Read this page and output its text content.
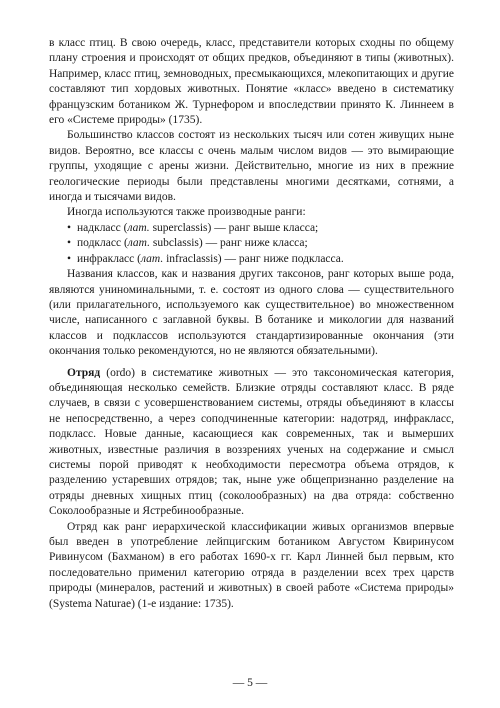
в класс птиц. В свою очередь, класс, представители которых сходны по общему плану строения и происходят от общих предков, объединяют в типы (животных). Например, класс птиц, земноводных, пресмыкающихся, млекопитающих и другие составляют тип хордовых животных. Понятие «класс» введено в систематику французским ботаником Ж. Турнефором и впоследствии принято К. Линнеем в его «Системе природы» (1735).

Большинство классов состоят из нескольких тысяч или сотен живущих ныне видов. Вероятно, все классы с очень малым числом видов — это вымирающие группы, уходящие с арены жизни. Действительно, многие из них в прежние геологические периоды были представлены многими десятками, сотнями, а иногда и тысячами видов.

Иногда используются также производные ранги:

• надкласс (лат. superclassis) — ранг выше класса;
• подкласс (лат. subclassis) — ранг ниже класса;
• инфракласс (лат. infraclassis) — ранг ниже подкласса.

Названия классов, как и названия других таксонов, ранг которых выше рода, являются униноминальными, т. е. состоят из одного слова — существительного (или прилагательного, используемого как существительное) во множественном числе, написанного с заглавной буквы. В ботанике и микологии для названий классов и подклассов используются стандартизированные окончания (эти окончания только рекомендуются, но не являются обязательными).

Отряд (ordo) в систематике животных — это таксономическая категория, объединяющая несколько семейств. Близкие отряды составляют класс. В ряде случаев, в связи с усовершенствованием системы, отряды объединяют в классы не непосредственно, а через соподчиненные категории: надотряд, инфракласс, подкласс. Новые данные, касающиеся как современных, так и вымерших животных, известные различия в воззрениях ученых на содержание и смысл системы порой приводят к необходимости пересмотра объема отрядов, к разделению устаревших отрядов; так, ныне уже общепризнанно разделение на отряды дневных хищных птиц (соколообразных) на два отряда: собственно Соколообразные и Ястребинообразные.

Отряд как ранг иерархической классификации живых организмов впервые был введен в употребление лейпцигским ботаником Августом Квиринусом Ривинусом (Бахманом) в его работах 1690-х гг. Карл Линней был первым, кто последовательно применил категорию отряда в разделении всех трех царств природы (минералов, растений и животных) в своей работе «Система природы» (Systema Naturae) (1-е издание: 1735).

— 5 —
